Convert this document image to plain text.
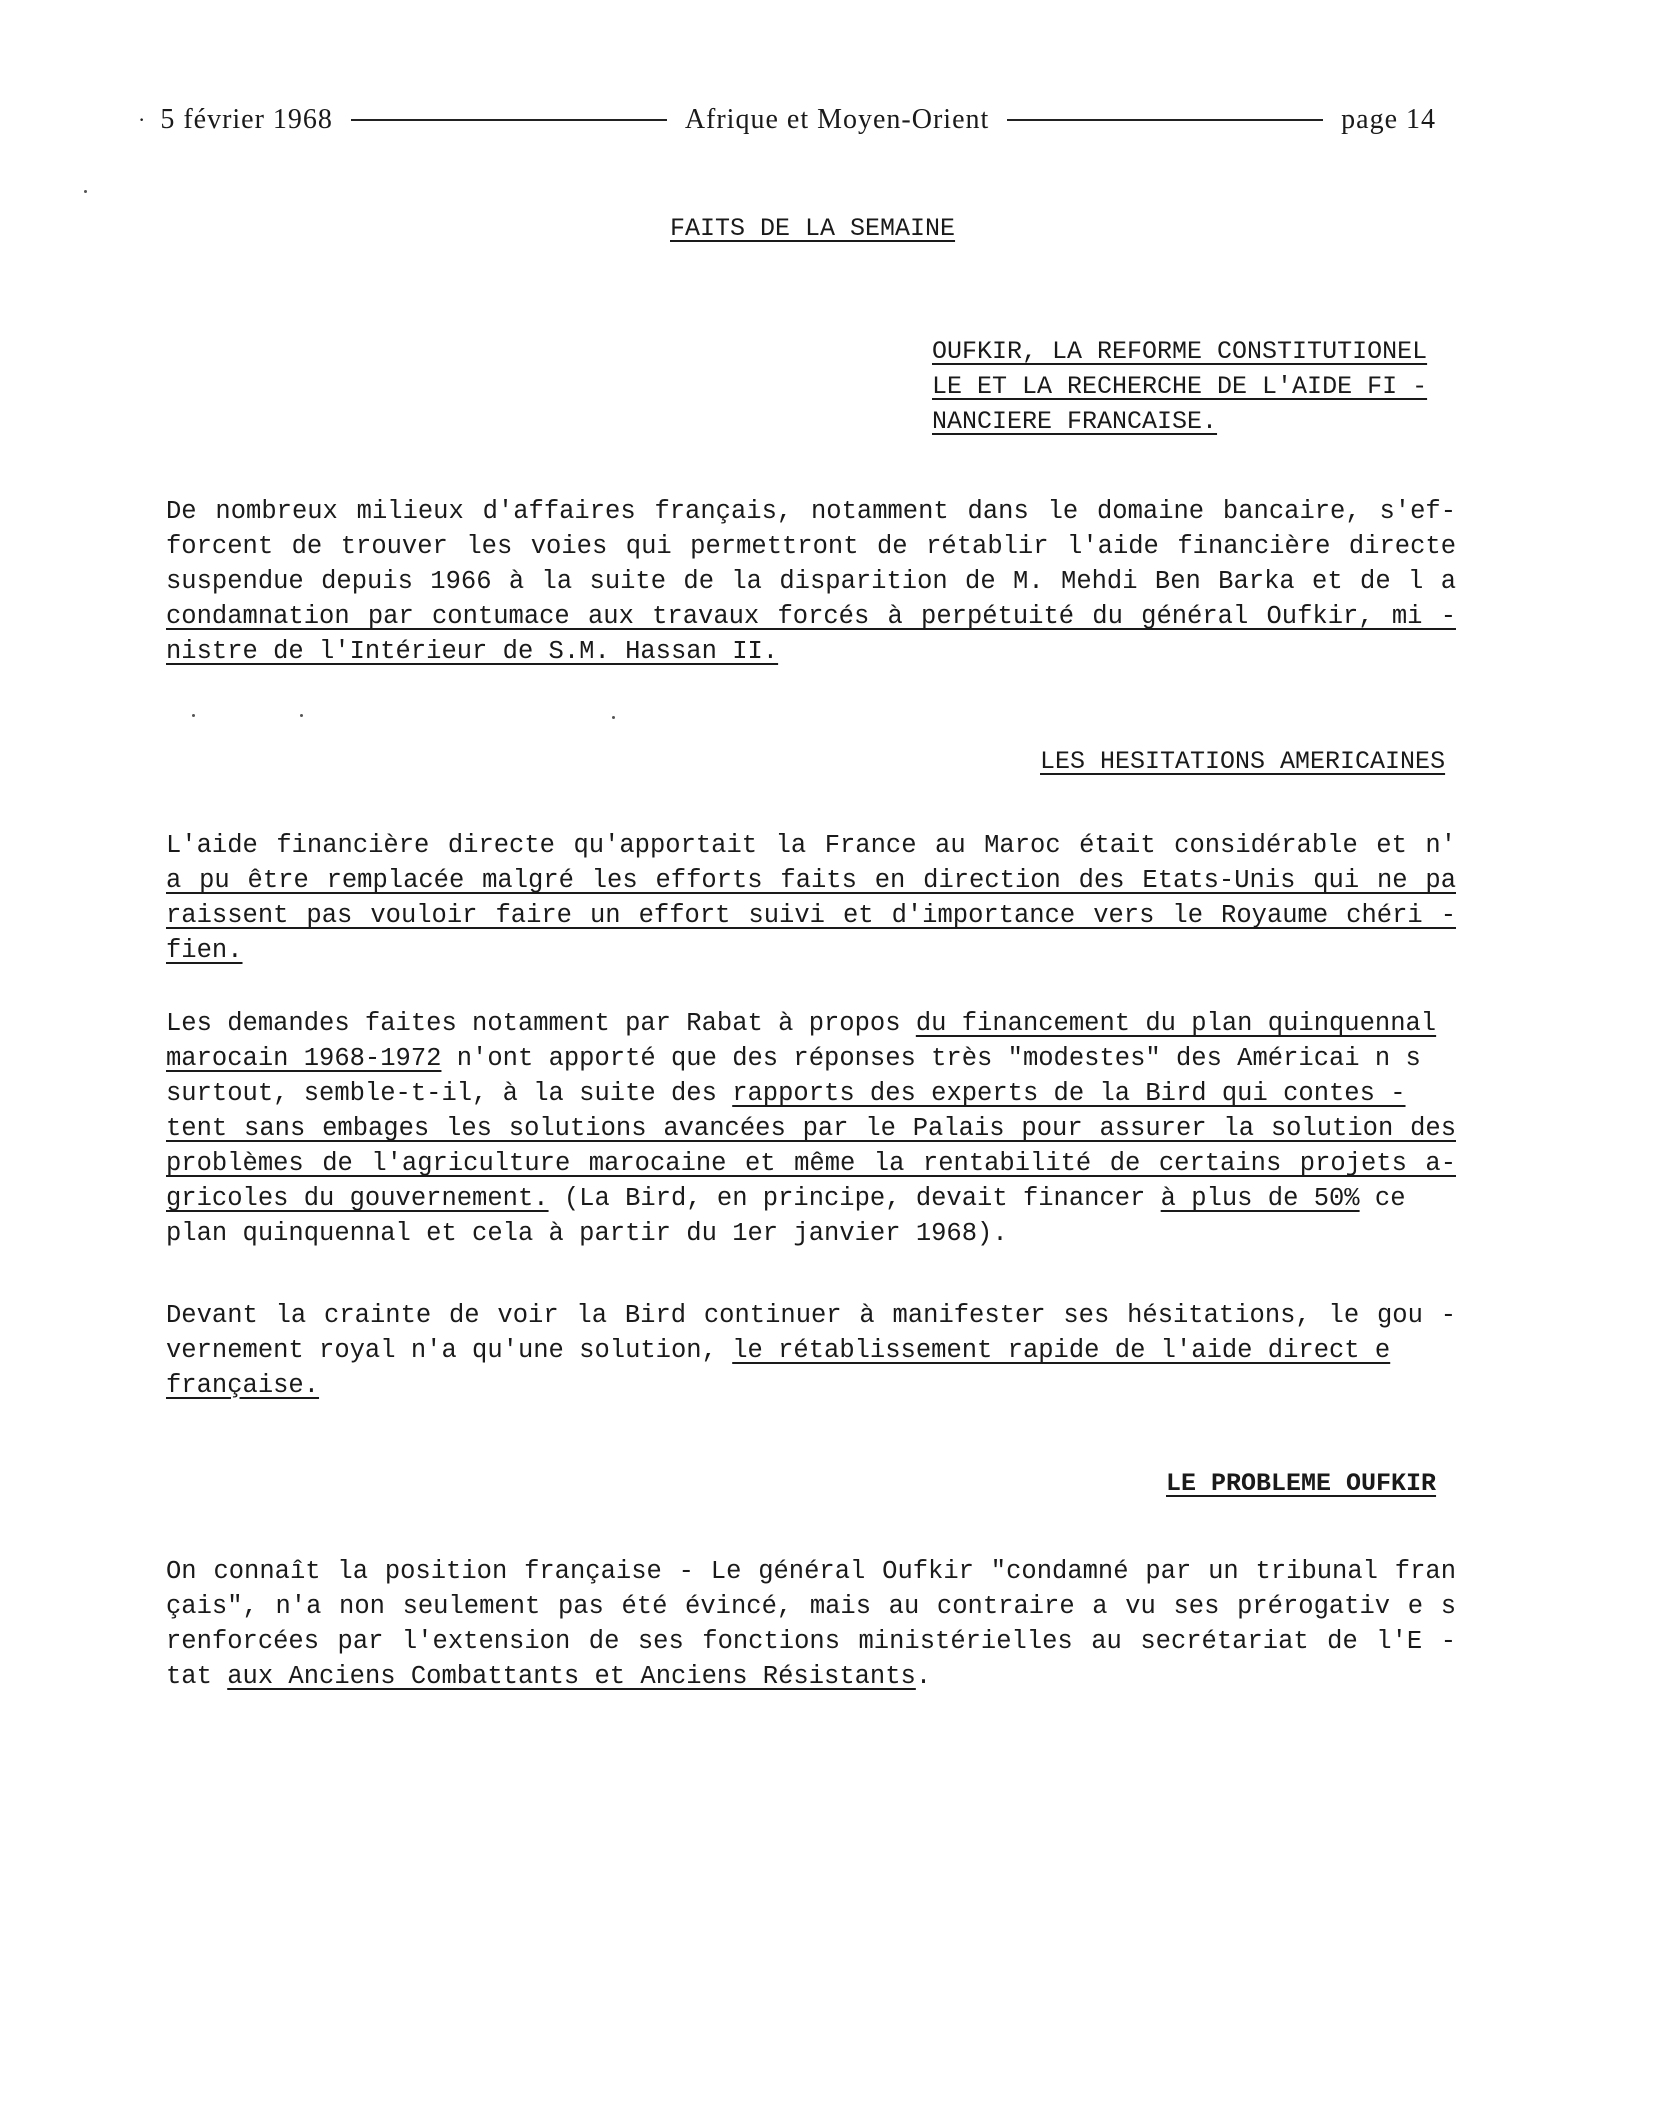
· 5 février 1968	Afrique et Moyen-Orient	page 14
FAITS DE LA SEMAINE
OUFKIR, LA REFORME CONSTITUTIONEL
LE ET LA RECHERCHE DE L'AIDE FI -
NANCIERE FRANCAISE.
De nombreux milieux d'affaires français, notamment dans le domaine bancaire, s'ef-
forcent de trouver les voies qui permettront de rétablir l'aide financière directe
suspendue depuis 1966 à la suite de la disparition de M. Mehdi Ben Barka et de l a
condamnation par contumace aux travaux forcés à perpétuité du général Oufkir, mi -
nistre de l'Intérieur de S.M. Hassan II.
LES HESITATIONS AMERICAINES
L'aide financière directe qu'apportait la France au Maroc était considérable et n'
a pu être remplacée malgré les efforts faits en direction des Etats-Unis qui ne pa
raissent pas vouloir faire un effort suivi et d'importance vers le Royaume chéri -
fien.
Les demandes faites notamment par Rabat à propos du financement du plan quinquennal
marocain 1968-1972 n'ont apporté que des réponses très "modestes" des Américai n s
surtout, semble-t-il, à la suite des rapports des experts de la Bird qui contes -
tent sans embages les solutions avancées par le Palais pour assurer la solution des
problèmes de l'agriculture marocaine et même la rentabilité de certains projets a-
gricoles du gouvernement. (La Bird, en principe, devait financer à plus de 50% ce
plan quinquennal et cela à partir du 1er janvier 1968).
Devant la crainte de voir la Bird continuer à manifester ses hésitations, le gou -
vernement royal n'a qu'une solution, le rétablissement rapide de l'aide direct e
française.
LE PROBLEME OUFKIR
On connaît la position française - Le général Oufkir "condamné par un tribunal fran
çais", n'a non seulement pas été évincé, mais au contraire a vu ses prérogativ e s
renforcées par l'extension de ses fonctions ministérielles au secrétariat de l'E -
tat aux Anciens Combattants et Anciens Résistants.
